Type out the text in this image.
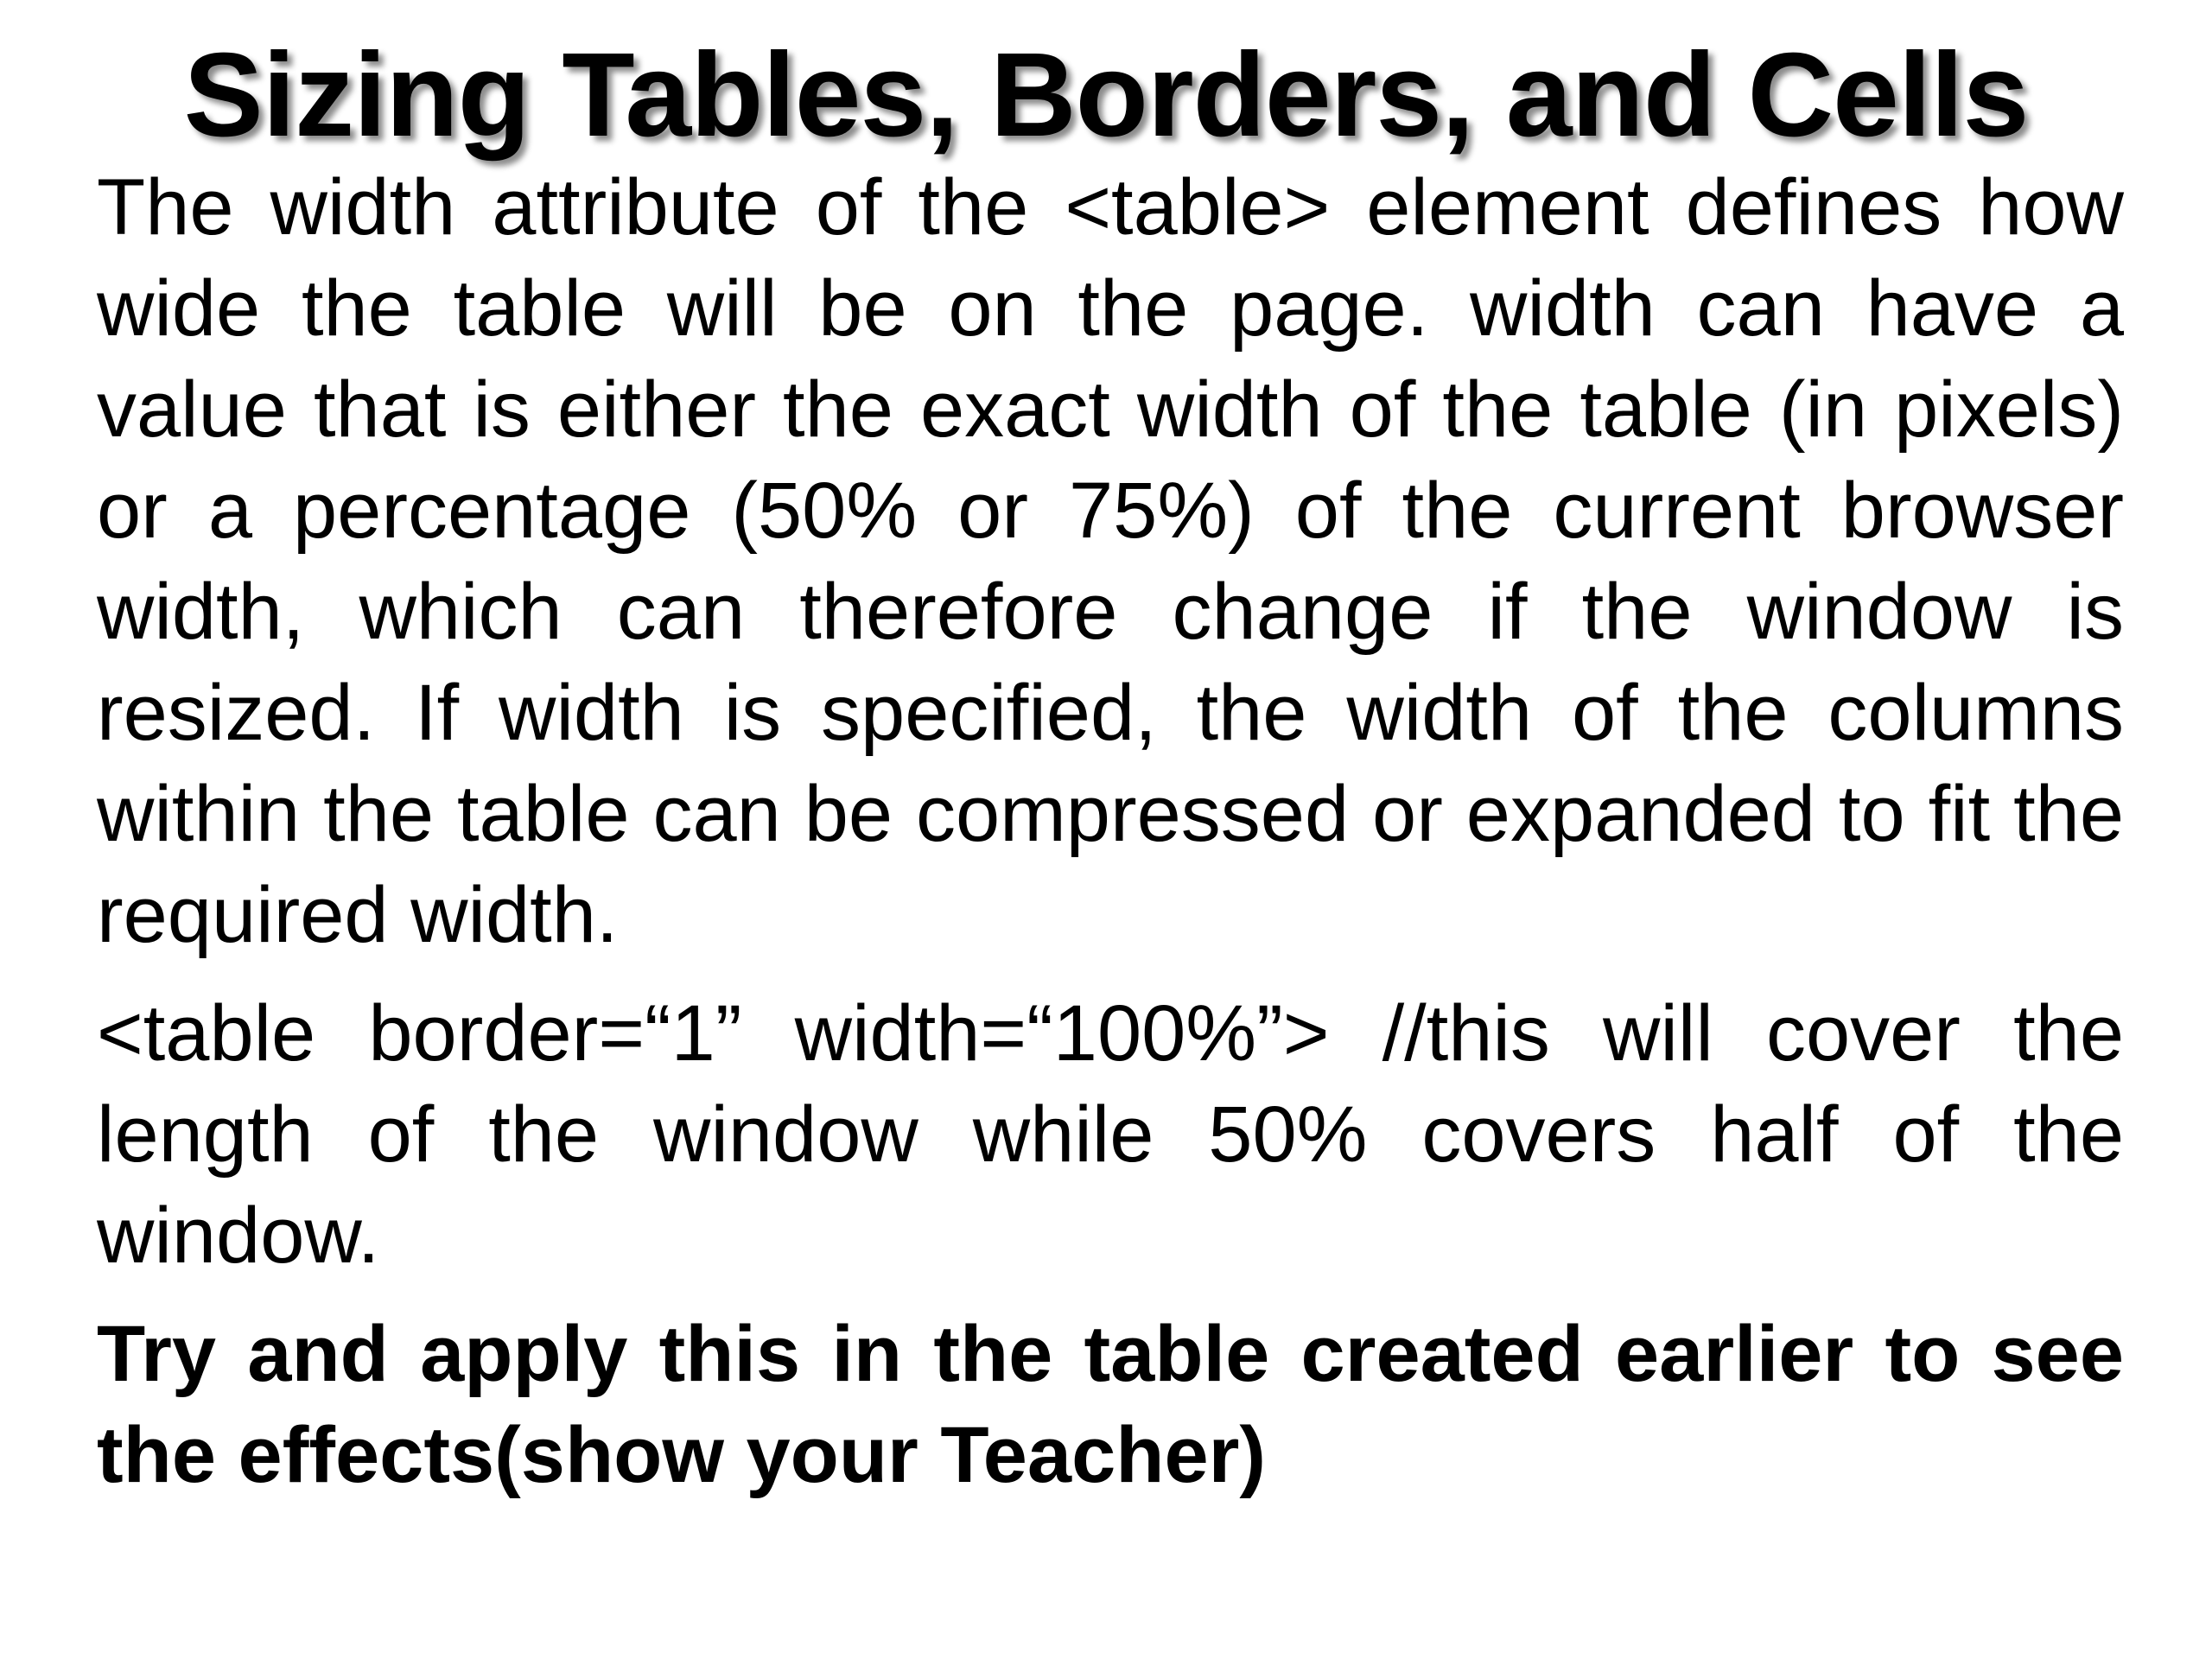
Sizing Tables, Borders, and Cells

The width attribute of the <table> element defines how wide the table will be on the page. width can have a value that is either the exact width of the table (in pixels) or a percentage (50% or 75%) of the current browser width, which can therefore change if the window is resized. If width is specified, the width of the columns within the table can be compressed or expanded to fit the required width.

<table border=“1” width=“100%”> //this will cover the length of the window while 50% covers half of the window.

Try and apply this in the table created earlier to see the effects(show your Teacher)
